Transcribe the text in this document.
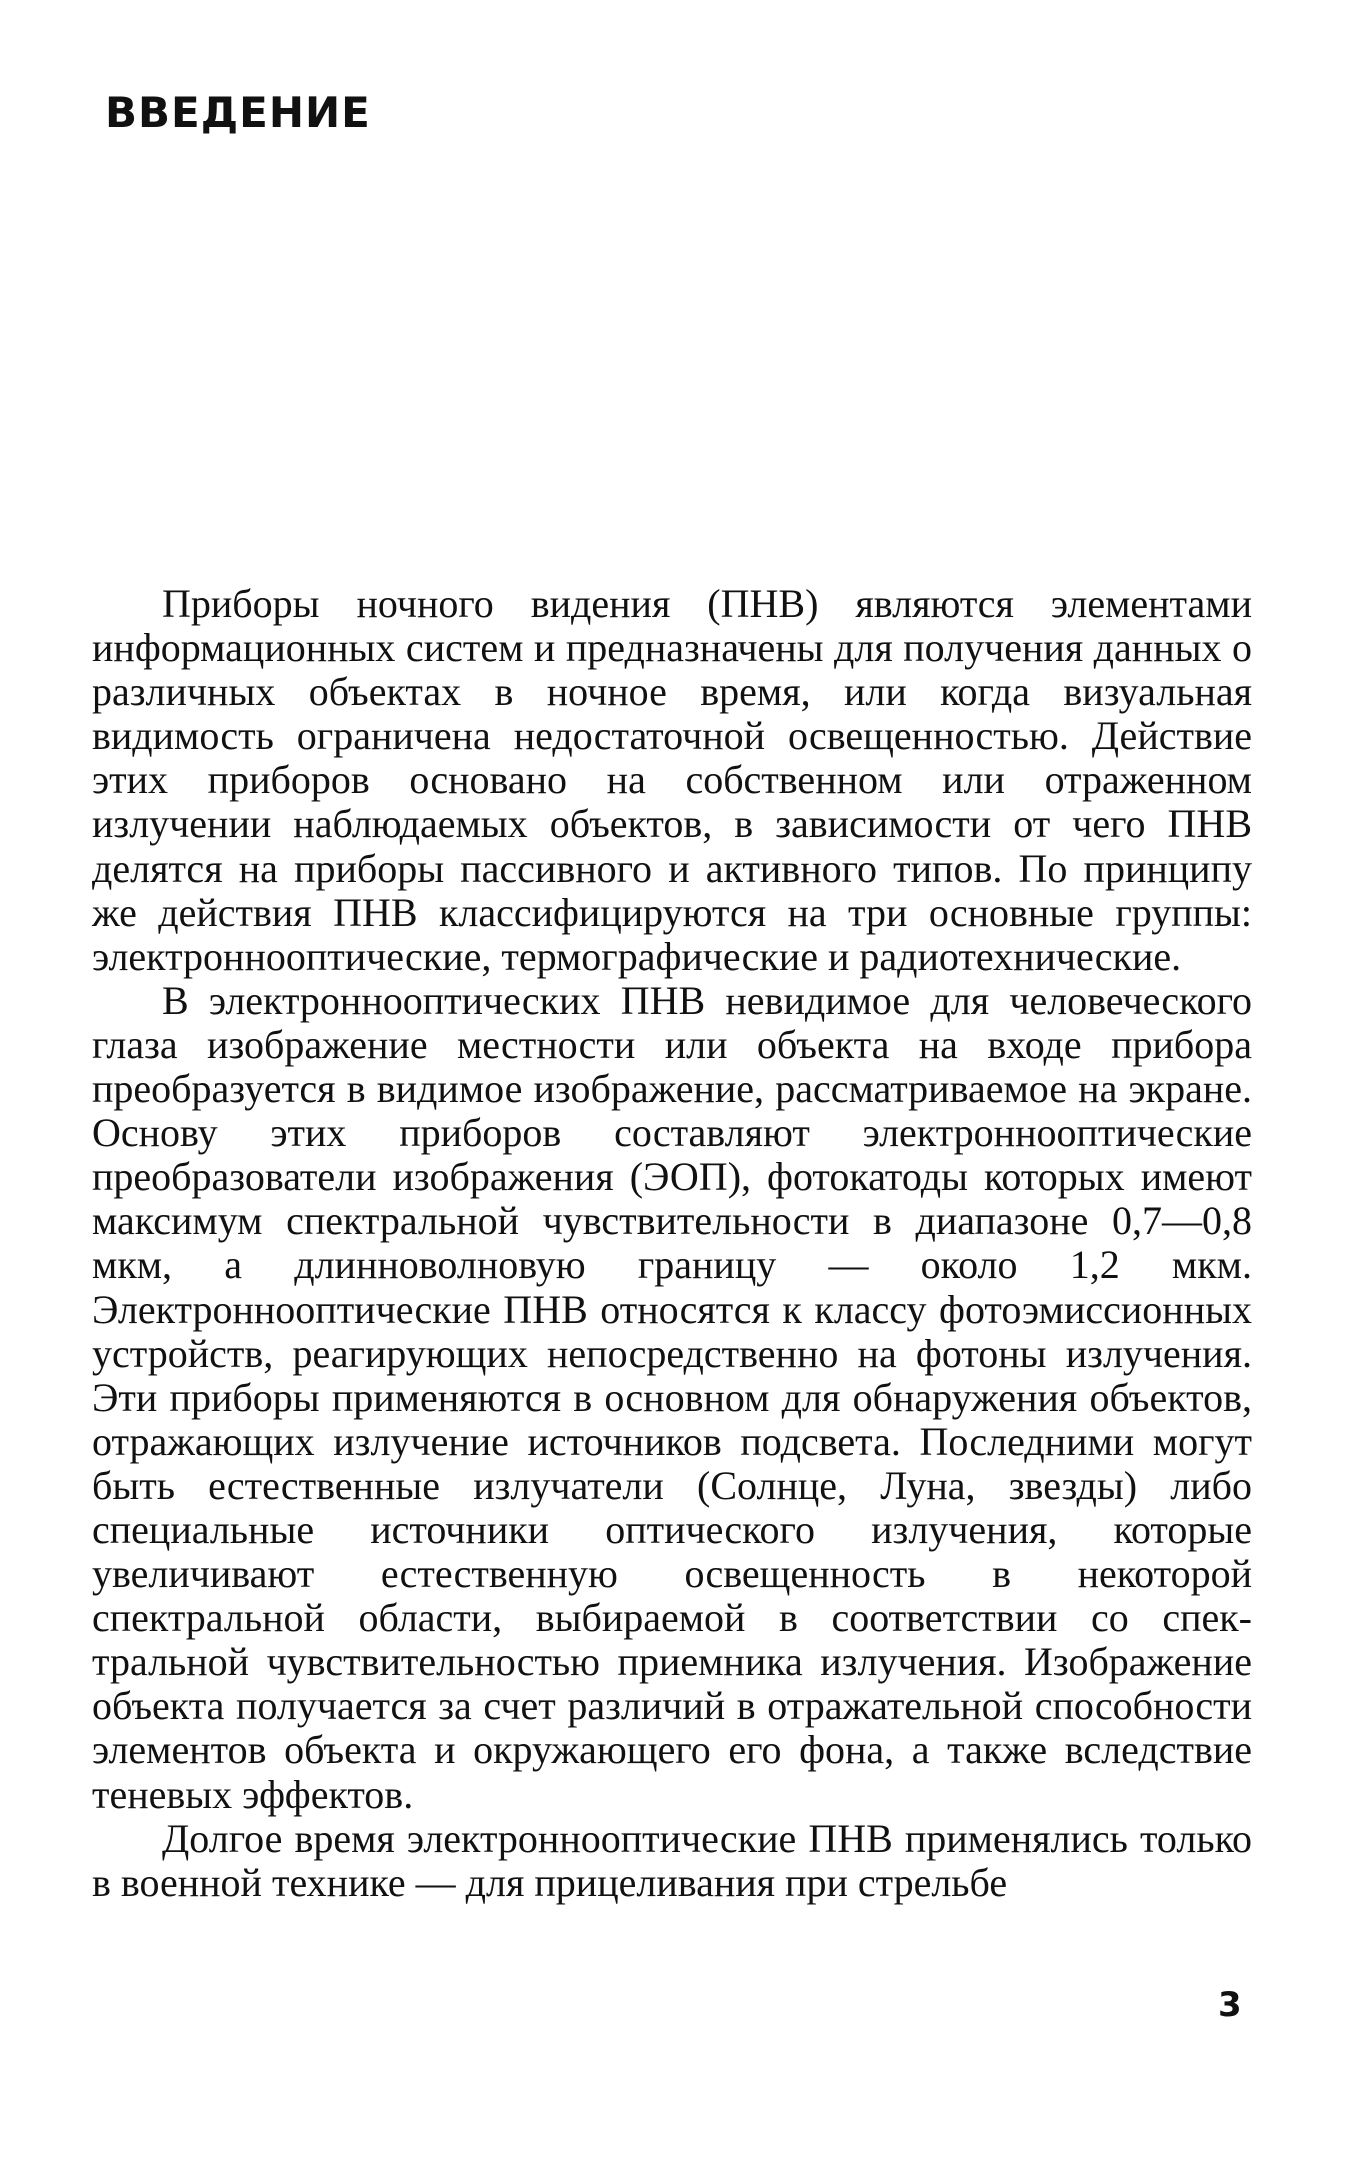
ВВЕДЕНИЕ

Приборы ночного видения (ПНВ) являются элементами информационных систем и предназначены для получения данных о различных объектах в ночное время, или когда визуальная видимость ограничена недостаточной освещенностью. Действие этих приборов основано на собственном или отраженном излучении наблюдаемых объектов, в зависимости от чего ПНВ делятся на приборы пассивного и активного типов. По принципу же действия ПНВ классифицируются на три основные группы: электроннoоптические, термографические и радиотехнические.

В электроннооптических ПНВ невидимое для человеческого глаза изображение местности или объекта на входе прибора преобразуется в видимое изображение, рассматриваемое на экране. Основу этих приборов составляют электроннооптические преобразователи изображения (ЭОП), фотокатоды которых имеют максимум спектральной чувствительности в диапазоне 0,7—0,8 мкм, а длинноволновую границу — около 1,2 мкм. Электроннооптические ПНВ относятся к классу фотоэмиссионных устройств, реагирующих непосредственно на фотоны излучения. Эти приборы применяются в основном для обнаружения объектов, отражающих излучение источников подсвета. Последними могут быть естественные излучатели (Солнце, Луна, звезды) либо специальные источники оптического излучения, которые увеличивают естественную освещенность в некоторой спектральной области, выбираемой в соответствии со спектральной чувствительностью приемника излучения. Изображение объекта получается за счет различий в отражательной способности элементов объекта и окружающего его фона, а также вследствие теневых эффектов.

Долгое время электроннооптические ПНВ применялись только в военной технике — для прицеливания при стрельбе

3
